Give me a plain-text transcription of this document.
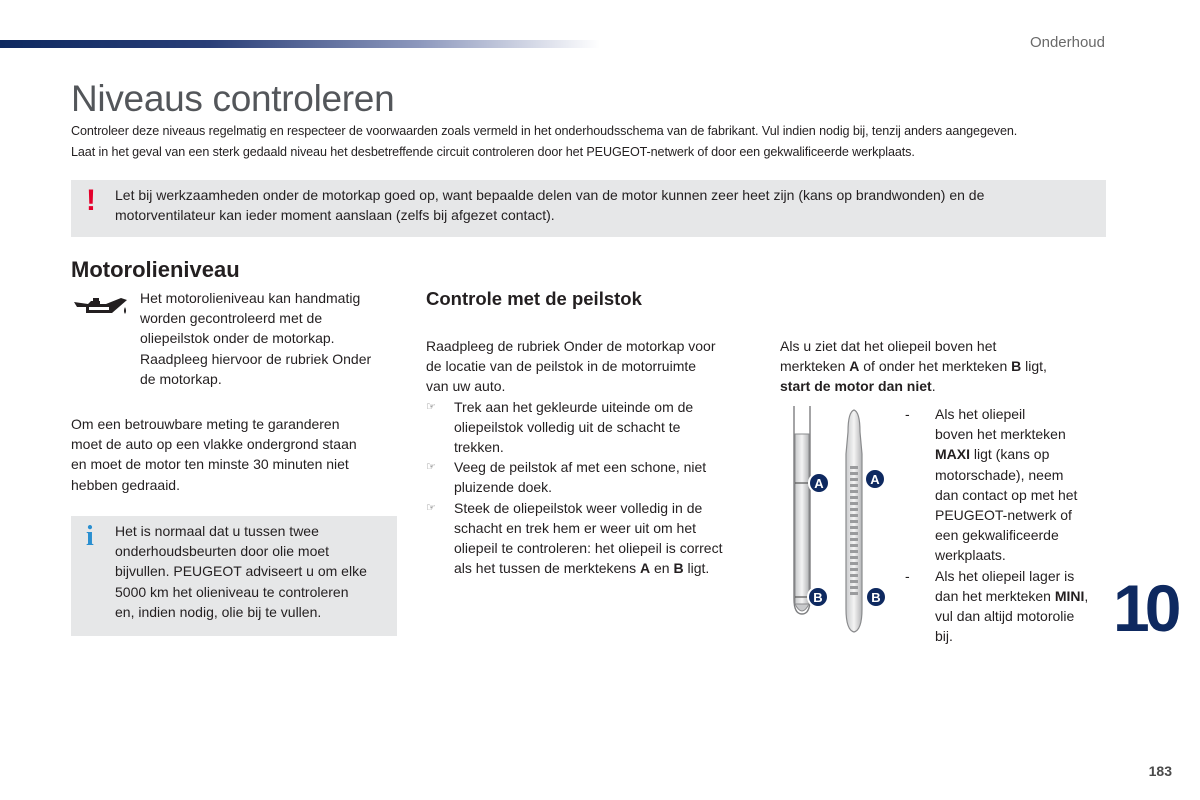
Onderhoud
Niveaus controleren
Controleer deze niveaus regelmatig en respecteer de voorwaarden zoals vermeld in het onderhoudsschema van de fabrikant. Vul indien nodig bij, tenzij anders aangegeven.
Laat in het geval van een sterk gedaald niveau het desbetreffende circuit controleren door het PEUGEOT-netwerk of door een gekwalificeerde werkplaats.
! Let bij werkzaamheden onder de motorkap goed op, want bepaalde delen van de motor kunnen zeer heet zijn (kans op brandwonden) en de
motorventilateur kan ieder moment aanslaan (zelfs bij afgezet contact).
Motorolieniveau
Het motorolieniveau kan handmatig
worden gecontroleerd met de
oliepeilstok onder de motorkap.
Raadpleeg hiervoor de rubriek Onder
de motorkap.
Om een betrouwbare meting te garanderen
moet de auto op een vlakke ondergrond staan
en moet de motor ten minste 30 minuten niet
hebben gedraaid.
i Het is normaal dat u tussen twee
onderhoudsbeurten door olie moet
bijvullen. PEUGEOT adviseert u om elke
5000 km het olieniveau te controleren
en, indien nodig, olie bij te vullen.
Controle met de peilstok
Raadpleeg de rubriek Onder de motorkap voor
de locatie van de peilstok in de motorruimte
van uw auto.
☞ Trek aan het gekleurde uiteinde om de
oliepeilstok volledig uit de schacht te
trekken.
☞ Veeg de peilstok af met een schone, niet
pluizende doek.
☞ Steek de oliepeilstok weer volledig in de
schacht en trek hem er weer uit om het
oliepeil te controleren: het oliepeil is correct
als het tussen de merktekens A en B ligt.
Als u ziet dat het oliepeil boven het
merkteken A of onder het merkteken B ligt,
start de motor dan niet.
A	A
B	B
- Als het oliepeil
boven het merkteken
MAXI ligt (kans op
motorschade), neem
dan contact op met het
PEUGEOT-netwerk of
een gekwalificeerde
werkplaats.
- Als het oliepeil lager is
dan het merkteken MINI,
vul dan altijd motorolie
bij.	10
183
